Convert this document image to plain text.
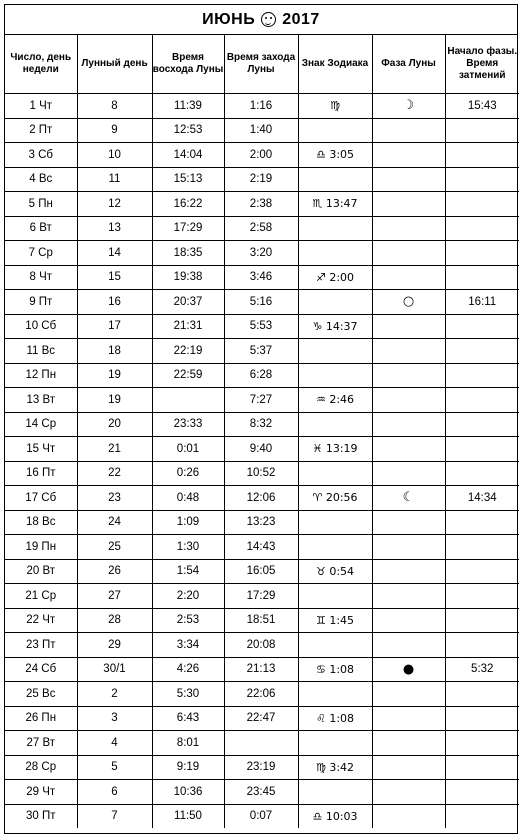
ИЮНЬ 2017
Число, день недели	Лунный день	Время восхода Луны	Время захода Луны	Знак Зодиака	Фаза Луны	Начало фазы. Время затмений
1 Чт	8	11:39	1:16	♍	☽	15:43
2 Пт	9	12:53	1:40			
3 Сб	10	14:04	2:00	♎ 3:05		
4 Вс	11	15:13	2:19			
5 Пн	12	16:22	2:38	♏ 13:47		
6 Вт	13	17:29	2:58			
7 Ср	14	18:35	3:20			
8 Чт	15	19:38	3:46	♐ 2:00		
9 Пт	16	20:37	5:16		○	16:11
10 Сб	17	21:31	5:53	♑ 14:37		
11 Вс	18	22:19	5:37			
12 Пн	19	22:59	6:28			
13 Вт	19		7:27	♒ 2:46		
14 Ср	20	23:33	8:32			
15 Чт	21	0:01	9:40	♓ 13:19		
16 Пт	22	0:26	10:52			
17 Сб	23	0:48	12:06	♈ 20:56	☾	14:34
18 Вс	24	1:09	13:23			
19 Пн	25	1:30	14:43			
20 Вт	26	1:54	16:05	♉ 0:54		
21 Ср	27	2:20	17:29			
22 Чт	28	2:53	18:51	♊ 1:45		
23 Пт	29	3:34	20:08			
24 Сб	30/1	4:26	21:13	♋ 1:08	●	5:32
25 Вс	2	5:30	22:06			
26 Пн	3	6:43	22:47	♌ 1:08		
27 Вт	4	8:01				
28 Ср	5	9:19	23:19	♍ 3:42		
29 Чт	6	10:36	23:45			
30 Пт	7	11:50	0:07	♎ 10:03		
